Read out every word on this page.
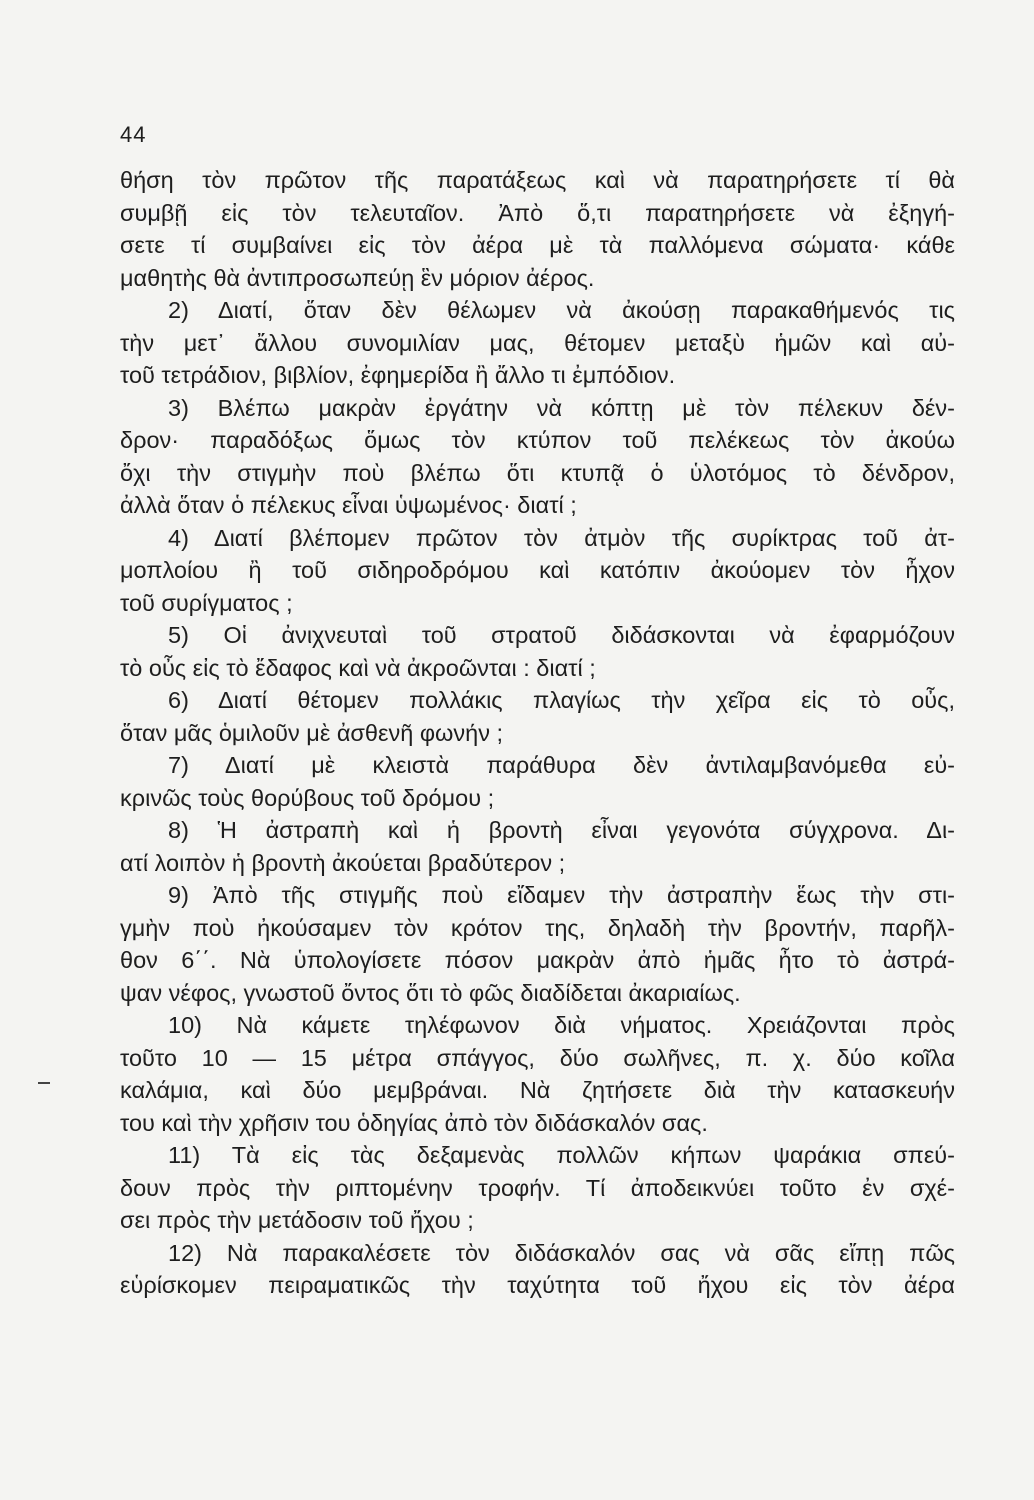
44
θήση τὸν πρῶτον τῆς παρατάξεως καὶ νὰ παρατηρήσετε τί θὰ
συμβῇ εἰς τὸν τελευταῖον. Ἀπὸ ὅ,τι παρατηρήσετε νὰ ἐξηγή-
σετε τί συμβαίνει εἰς τὸν ἀέρα μὲ τὰ παλλόμενα σώματα· κάθε
μαθητὴς θὰ ἀντιπροσωπεύῃ ἓν μόριον ἀέρος.
2) Διατί, ὅταν δὲν θέλωμεν νὰ ἀκούσῃ παρακαθήμενός τις
τὴν μετ᾿ ἄλλου συνομιλίαν μας, θέτομεν μεταξὺ ἡμῶν καὶ αὐ-
τοῦ τετράδιον, βιβλίον, ἐφημερίδα ἢ ἄλλο τι ἐμπόδιον.
3) Βλέπω μακρὰν ἐργάτην νὰ κόπτῃ μὲ τὸν πέλεκυν δέν-
δρον· παραδόξως ὅμως τὸν κτύπον τοῦ πελέκεως τὸν ἀκούω
ὄχι τὴν στιγμὴν ποὺ βλέπω ὅτι κτυπᾷ ὁ ὑλοτόμος τὸ δένδρον,
ἀλλὰ ὅταν ὁ πέλεκυς εἶναι ὑψωμένος· διατί ;
4) Διατί βλέπομεν πρῶτον τὸν ἀτμὸν τῆς συρίκτρας τοῦ ἀτ-
μοπλοίου ἢ τοῦ σιδηροδρόμου καὶ κατόπιν ἀκούομεν τὸν ἦχον
τοῦ συρίγματος ;
5) Οἱ ἀνιχνευταὶ τοῦ στρατοῦ διδάσκονται νὰ ἐφαρμόζουν
τὸ οὖς εἰς τὸ ἔδαφος καὶ νὰ ἀκροῶνται : διατί ;
6) Διατί θέτομεν πολλάκις πλαγίως τὴν χεῖρα εἰς τὸ οὖς,
ὅταν μᾶς ὁμιλοῦν μὲ ἀσθενῆ φωνήν ;
7) Διατί μὲ κλειστὰ παράθυρα δὲν ἀντιλαμβανόμεθα εὐ-
κρινῶς τοὺς θορύβους τοῦ δρόμου ;
8) Ἡ ἀστραπὴ καὶ ἡ βροντὴ εἶναι γεγονότα σύγχρονα. Δι-
ατί λοιπὸν ἡ βροντὴ ἀκούεται βραδύτερον ;
9) Ἀπὸ τῆς στιγμῆς ποὺ εἴδαμεν τὴν ἀστραπὴν ἕως τὴν στι-
γμὴν ποὺ ἠκούσαμεν τὸν κρότον της, δηλαδὴ τὴν βροντήν, παρῆλ-
θον 6΄΄. Νὰ ὑπολογίσετε πόσον μακρὰν ἀπὸ ἡμᾶς ἦτο τὸ ἀστρά-
ψαν νέφος, γνωστοῦ ὄντος ὅτι τὸ φῶς διαδίδεται ἀκαριαίως.
10) Νὰ κάμετε τηλέφωνον διὰ νήματος. Χρειάζονται πρὸς
τοῦτο 10 — 15 μέτρα σπάγγος, δύο σωλῆνες, π. χ. δύο κοῖλα
καλάμια, καὶ δύο μεμβράναι. Νὰ ζητήσετε διὰ τὴν κατασκευήν
του καὶ τὴν χρῆσιν του ὁδηγίας ἀπὸ τὸν διδάσκαλόν σας.
11) Τὰ εἰς τὰς δεξαμενὰς πολλῶν κήπων ψαράκια σπεύ-
δουν πρὸς τὴν ριπτομένην τροφήν. Τί ἀποδεικνύει τοῦτο ἐν σχέ-
σει πρὸς τὴν μετάδοσιν τοῦ ἤχου ;
12) Νὰ παρακαλέσετε τὸν διδάσκαλόν σας νὰ σᾶς εἴπῃ πῶς
εὑρίσκομεν πειραματικῶς τὴν ταχύτητα τοῦ ἤχου εἰς τὸν ἀέρα
